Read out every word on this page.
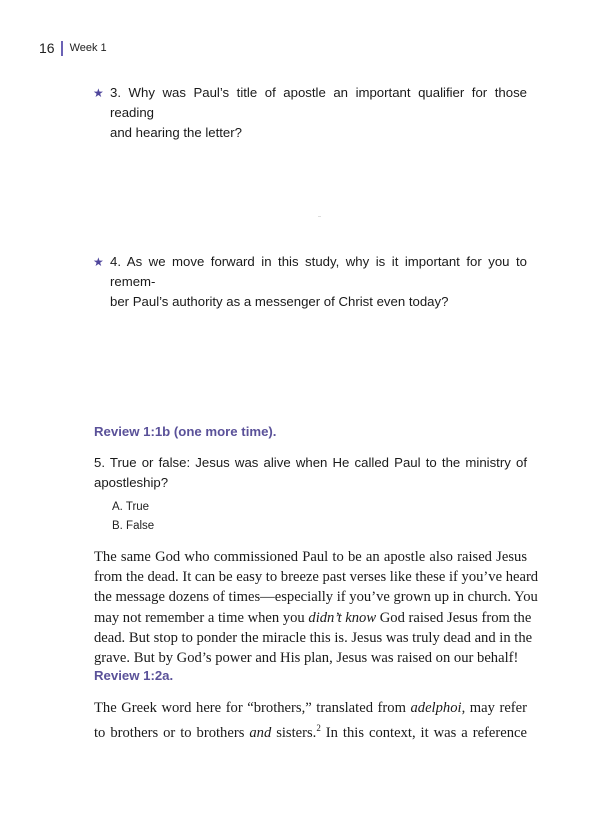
16 Week 1
★ 3. Why was Paul’s title of apostle an important qualifier for those reading
and hearing the letter?
★ 4. As we move forward in this study, why is it important for you to remem-
ber Paul’s authority as a messenger of Christ even today?
Review 1:1b (one more time).
5. True or false: Jesus was alive when He called Paul to the ministry of
apostleship?
A. True
B. False
The same God who commissioned Paul to be an apostle also raised Jesus
from the dead. It can be easy to breeze past verses like these if you’ve heard
the message dozens of times—especially if you’ve grown up in church. You
may not remember a time when you didn’t know God raised Jesus from the
dead. But stop to ponder the miracle this is. Jesus was truly dead and in the
grave. But by God’s power and His plan, Jesus was raised on our behalf!
Review 1:2a.
The Greek word here for “brothers,” translated from adelphoi, may refer
to brothers or to brothers and sisters.$^2$ In this context, it was a reference
